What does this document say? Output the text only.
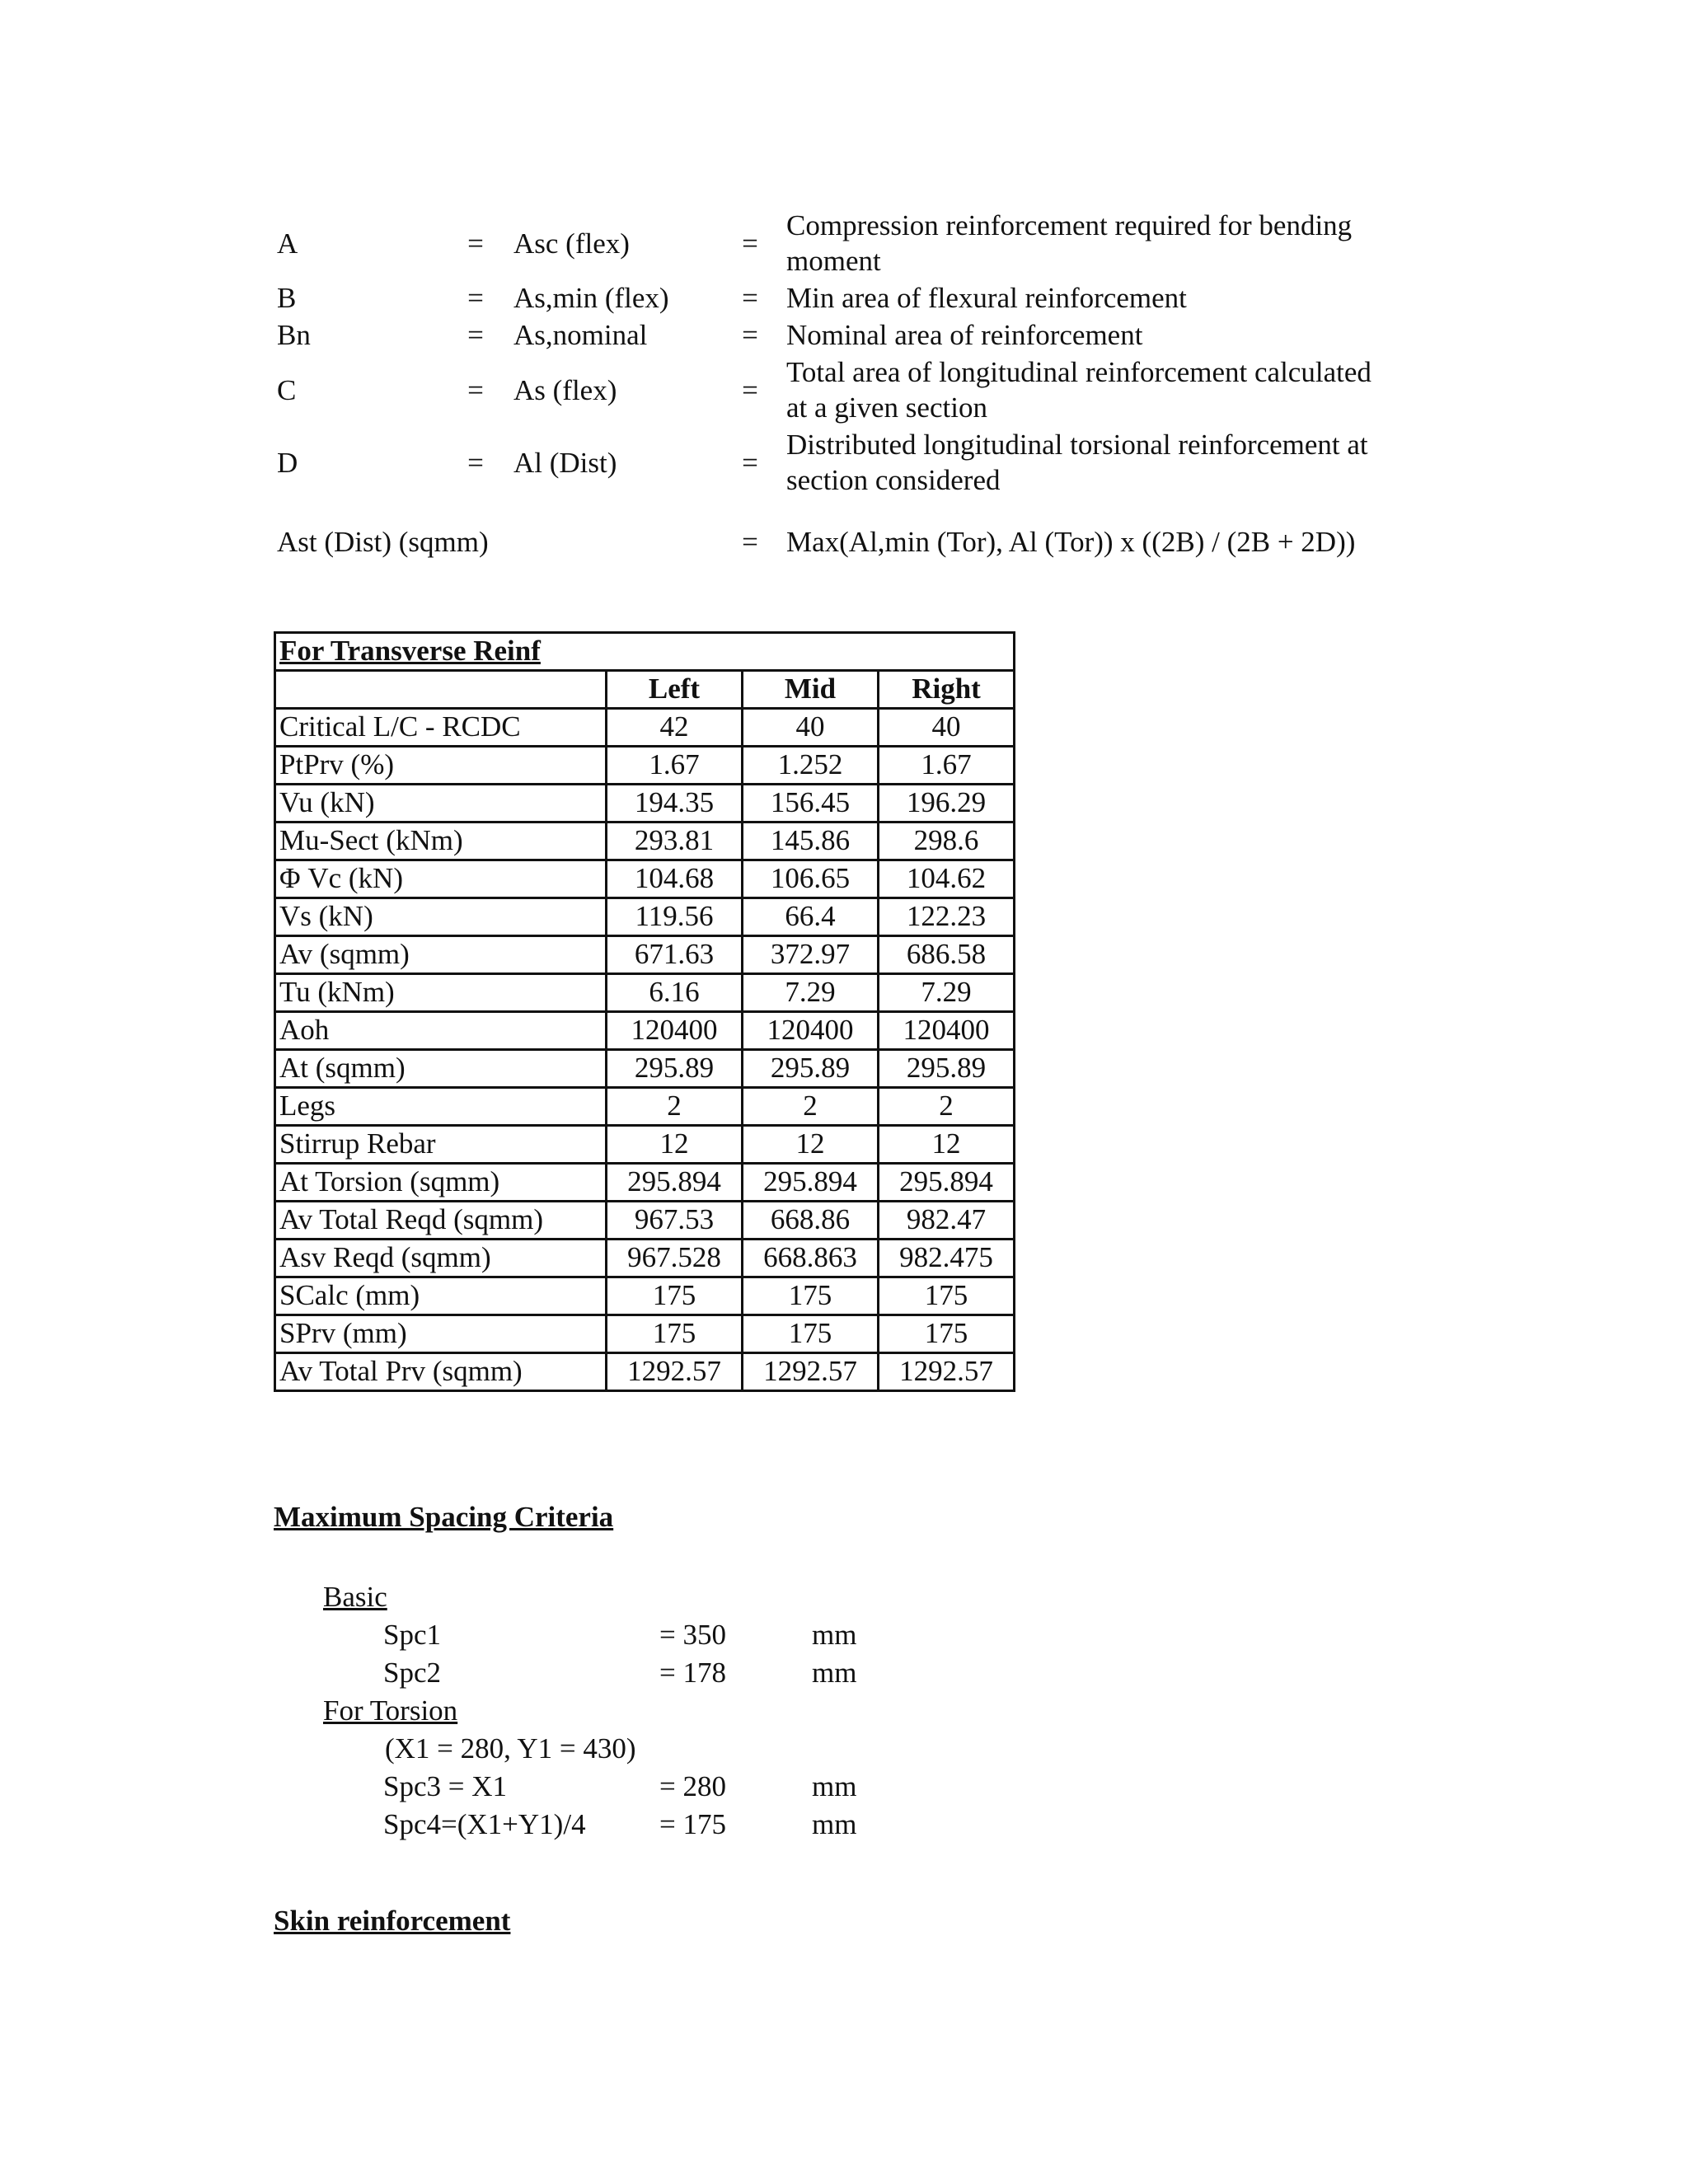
A	=	Asc (flex)	=
Compression reinforcement required for bending moment
B	=	As,min (flex)	= Min area of flexural reinforcement
Bn	=	As,nominal	= Nominal area of reinforcement
C	=	As (flex)	=
Total area of longitudinal reinforcement calculated at a given section
D	=	Al (Dist)	=
Distributed longitudinal torsional reinforcement at section considered
Ast (Dist) (sqmm)	= Max(Al,min (Tor), Al (Tor)) x ((2B) / (2B + 2D))
For Transverse Reinf			
	Left	Mid	Right
Critical L/C - RCDC	42	40	40
PtPrv (%)	1.67	1.252	1.67
Vu (kN)	194.35	156.45	196.29
Mu-Sect (kNm)	293.81	145.86	298.6
Φ Vc (kN)	104.68	106.65	104.62
Vs (kN)	119.56	66.4	122.23
Av (sqmm)	671.63	372.97	686.58
Tu (kNm)	6.16	7.29	7.29
Aoh	120400	120400	120400
At (sqmm)	295.89	295.89	295.89
Legs	2	2	2
Stirrup Rebar	12	12	12
At Torsion (sqmm)	295.894	295.894	295.894
Av Total Reqd (sqmm)	967.53	668.86	982.47
Asv Reqd (sqmm)	967.528	668.863	982.475
SCalc (mm)	175	175	175
SPrv (mm)	175	175	175
Av Total Prv (sqmm)	1292.57	1292.57	1292.57
Maximum Spacing Criteria
Basic
Spc1	= 350	mm
Spc2	= 178	mm
For Torsion
(X1 = 280, Y1 = 430)
Spc3 = X1	= 280	mm
Spc4=(X1+Y1)/4	= 175	mm
Skin reinforcement
